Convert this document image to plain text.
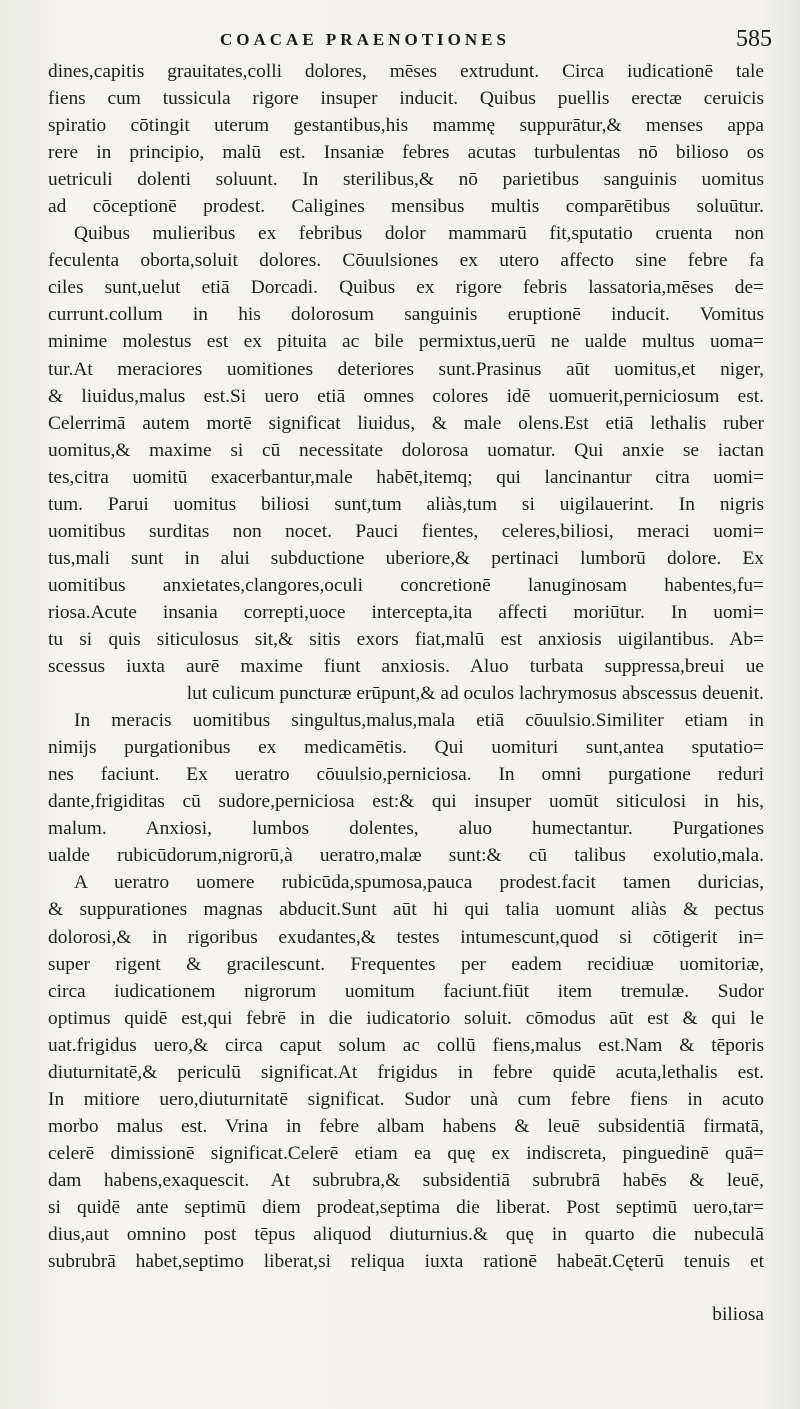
COACAE PRAENOTIONES	585
dines,capitis grauitates,colli dolores, mēses extrudunt. Circa iudicationē tale
fiens cum tussicula rigore insuper inducit. Quibus puellis erectæ ceruicis
spiratio cōtingit uterum gestantibus,his mammę suppurātur,& menses appa
rere in principio, malū est. Insaniæ febres acutas turbulentas nō bilioso os
uetriculi dolenti soluunt. In sterilibus,& nō parietibus sanguinis uomitus
ad cōceptionē prodest. Caligines mensibus multis comparētibus soluūtur.
Quibus mulieribus ex febribus dolor mammarū fit,sputatio cruenta non
feculenta oborta,soluit dolores. Cōuulsiones ex utero affecto sine febre fa
ciles sunt,uelut etiā Dorcadi. Quibus ex rigore febris lassatoria,mēses de=
currunt.collum in his dolorosum sanguinis eruptionē inducit. Vomitus
minime molestus est ex pituita ac bile permixtus,uerū ne ualde multus uoma=
tur.At meraciores uomitiones deteriores sunt.Prasinus aūt uomitus,et niger,
& liuidus,malus est.Si uero etiā omnes colores idē uomuerit,perniciosum est.
Celerrimā autem mortē significat liuidus, & male olens.Est etiā lethalis ruber
uomitus,& maxime si cū necessitate dolorosa uomatur. Qui anxie se iactan
tes,citra uomitū exacerbantur,male habēt,itemq; qui lancinantur citra uomi=
tum. Parui uomitus biliosi sunt,tum aliàs,tum si uigilauerint. In nigris
uomitibus surditas non nocet. Pauci fientes, celeres,biliosi, meraci uomi=
tus,mali sunt in alui subductione uberiore,& pertinaci lumborū dolore. Ex
uomitibus anxietates,clangores,oculi concretionē lanuginosam habentes,fu=
riosa.Acute insania correpti,uoce intercepta,ita affecti moriūtur. In uomi=
tu si quis siticulosus sit,& sitis exors fiat,malū est anxiosis uigilantibus. Ab=
scessus iuxta aurē maxime fiunt anxiosis. Aluo turbata suppressa,breui ue
lut culicum puncturæ erūpunt,& ad oculos lachrymosus abscessus deuenit.
In meracis uomitibus singultus,malus,mala etiā cōuulsio.Similiter etiam in
nimijs purgationibus ex medicamētis. Qui uomituri sunt,antea sputatio=
nes faciunt. Ex ueratro cōuulsio,perniciosa. In omni purgatione reduri
dante,frigiditas cū sudore,perniciosa est:& qui insuper uomūt siticulosi in his,
malum. Anxiosi, lumbos dolentes, aluo humectantur. Purgationes
ualde rubicūdorum,nigrorū,à ueratro,malæ sunt:& cū talibus exolutio,mala.
A ueratro uomere rubicūda,spumosa,pauca prodest.facit tamen duricias,
& suppurationes magnas abducit.Sunt aūt hi qui talia uomunt aliàs & pectus
dolorosi,& in rigoribus exudantes,& testes intumescunt,quod si cōtigerit in=
super rigent & gracilescunt. Frequentes per eadem recidiuæ uomitoriæ,
circa iudicationem nigrorum uomitum faciunt.fiūt item tremulæ. Sudor
optimus quidē est,qui febrē in die iudicatorio soluit. cōmodus aūt est & qui le
uat.frigidus uero,& circa caput solum ac collū fiens,malus est.Nam & tēporis
diuturnitatē,& periculū significat.At frigidus in febre quidē acuta,lethalis est.
In mitiore uero,diuturnitatē significat. Sudor unà cum febre fiens in acuto
morbo malus est. Vrina in febre albam habens & leuē subsidentiā firmatā,
celerē dimissionē significat.Celerē etiam ea quę ex indiscreta, pinguedinē quā=
dam habens,exaquescit. At subrubra,& subsidentiā subrubrā habēs & leuē,
si quidē ante septimū diem prodeat,septima die liberat. Post septimū uero,tar=
dius,aut omnino post tēpus aliquod diuturnius.& quę in quarto die nubeculā
subrubrā habet,septimo liberat,si reliqua iuxta rationē habeāt.Cęterū tenuis et
biliosa
